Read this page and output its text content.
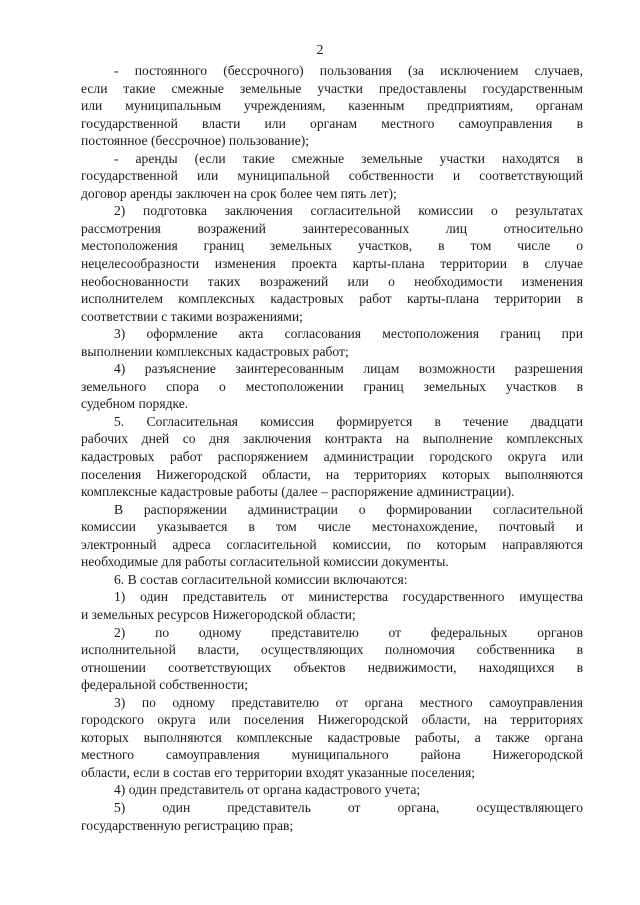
2
- постоянного (бессрочного) пользования (за исключением случаев,
если такие смежные земельные участки предоставлены государственным
или муниципальным учреждениям, казенным предприятиям, органам
государственной власти или органам местного самоуправления в
постоянное (бессрочное) пользование);
- аренды (если такие смежные земельные участки находятся в
государственной или муниципальной собственности и соответствующий
договор аренды заключен на срок более чем пять лет);
2) подготовка заключения согласительной комиссии о результатах
рассмотрения возражений заинтересованных лиц относительно
местоположения границ земельных участков, в том числе о
нецелесообразности изменения проекта карты-плана территории в случае
необоснованности таких возражений или о необходимости изменения
исполнителем комплексных кадастровых работ карты-плана территории в
соответствии с такими возражениями;
3) оформление акта согласования местоположения границ при
выполнении комплексных кадастровых работ;
4) разъяснение заинтересованным лицам возможности разрешения
земельного спора о местоположении границ земельных участков в
судебном порядке.
5. Согласительная комиссия формируется в течение двадцати
рабочих дней со дня заключения контракта на выполнение комплексных
кадастровых работ распоряжением администрации городского округа или
поселения Нижегородской области, на территориях которых выполняются
комплексные кадастровые работы (далее – распоряжение администрации).
В распоряжении администрации о формировании согласительной
комиссии указывается в том числе местонахождение, почтовый и
электронный адреса согласительной комиссии, по которым направляются
необходимые для работы согласительной комиссии документы.
6. В состав согласительной комиссии включаются:
1) один представитель от министерства государственного имущества
и земельных ресурсов Нижегородской области;
2) по одному представителю от федеральных органов
исполнительной власти, осуществляющих полномочия собственника в
отношении соответствующих объектов недвижимости, находящихся в
федеральной собственности;
3) по одному представителю от органа местного самоуправления
городского округа или поселения Нижегородской области, на территориях
которых выполняются комплексные кадастровые работы, а также органа
местного самоуправления муниципального района Нижегородской
области, если в состав его территории входят указанные поселения;
4) один представитель от органа кадастрового учета;
5) один представитель от органа, осуществляющего
государственную регистрацию прав;
